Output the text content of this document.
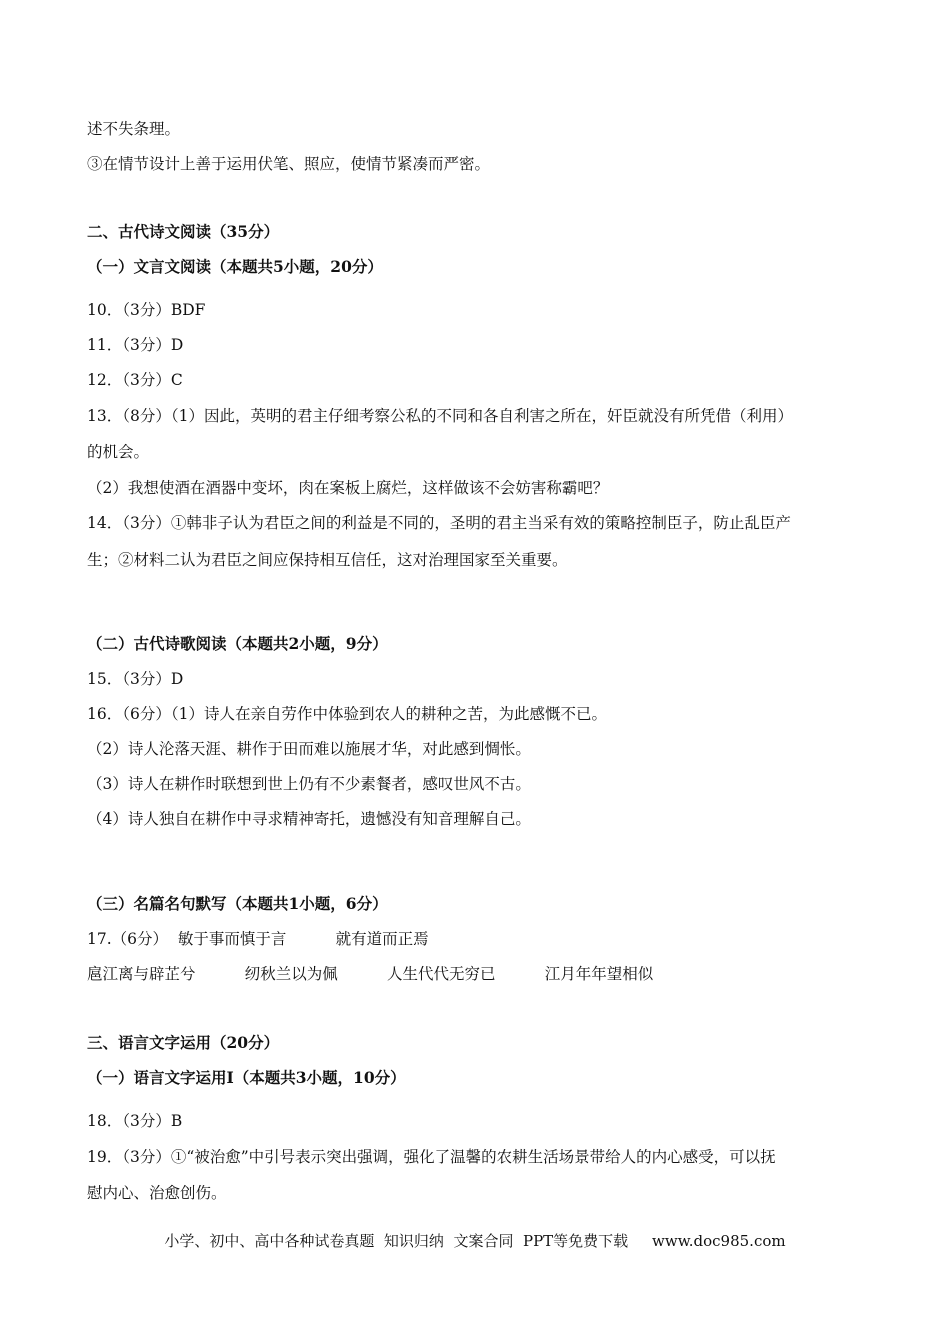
述不失条理。
③在情节设计上善于运用伏笔、照应，使情节紧凑而严密。
二、古代诗文阅读（35分）
（一）文言文阅读（本题共5小题，20分）
10．（3分）BDF
11．（3分）D
12．（3分）C
13．（8分）（1）因此，英明的君主仔细考察公私的不同和各自利害之所在，奸臣就没有所凭借（利用）
的机会。
（2）我想使酒在酒器中变坏，肉在案板上腐烂，这样做该不会妨害称霸吧？
14．（3分）①韩非子认为君臣之间的利益是不同的，圣明的君主当采有效的策略控制臣子，防止乱臣产
生；②材料二认为君臣之间应保持相互信任，这对治理国家至关重要。
（二）古代诗歌阅读（本题共2小题，9分）
15．（3分）D
16．（6分）（1）诗人在亲自劳作中体验到农人的耕种之苦，为此感慨不已。
（2）诗人沦落天涯、耕作于田而难以施展才华，对此感到惆怅。
（3）诗人在耕作时联想到世上仍有不少素餐者，感叹世风不古。
（4）诗人独自在耕作中寻求精神寄托，遗憾没有知音理解自己。
（三）名篇名句默写（本题共1小题，6分）
17.（6分）  敏于事而慎于言          就有道而正焉
扈江离与辟芷兮          纫秋兰以为佩          人生代代无穷已          江月年年望相似
三、语言文字运用（20分）
（一）语言文字运用Ⅰ（本题共3小题，10分）
18．（3分）B
19．（3分）①“被治愈”中引号表示突出强调，强化了温馨的农耕生活场景带给人的内心感受，可以抚
慰内心、治愈创伤。
小学、初中、高中各种试卷真题  知识归纳  文案合同  PPT等免费下载     www.doc985.com
